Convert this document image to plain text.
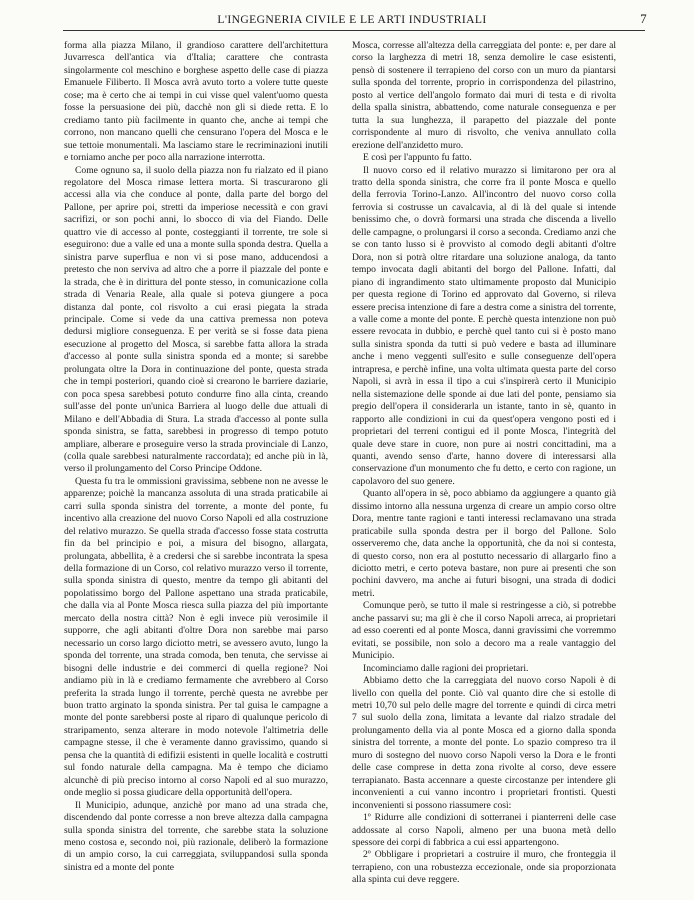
L'INGEGNERIA CIVILE E LE ARTI INDUSTRIALI	7

forma alla piazza Milano, il grandioso carattere dell'architettura Juvarresca dell'antica via d'Italia; carattere che contrasta singolarmente col meschino e borghese aspetto delle case di piazza Emanuele Filiberto. Il Mosca avrà avuto torto a volere tutte queste cose; ma è certo che ai tempi in cui visse quel valent'uomo questa fosse la persuasione dei più, dacchè non gli si diede retta. E lo crediamo tanto più facilmente in quanto che, anche ai tempi che corrono, non mancano quelli che censurano l'opera del Mosca e le sue tettoie monumentali. Ma lasciamo stare le recriminazioni inutili e torniamo anche per poco alla narrazione interrotta.

Come ognuno sa, il suolo della piazza non fu rialzato ed il piano regolatore del Mosca rimase lettera morta. Si trascurarono gli accessi alla via che conduce al ponte, dalla parte del borgo del Pallone, per aprire poi, stretti da imperiose necessità e con gravi sacrifizi, or son pochi anni, lo sbocco di via del Fiando. Delle quattro vie di accesso al ponte, costeggianti il torrente, tre sole si eseguirono: due a valle ed una a monte sulla sponda destra. Quella a sinistra parve superflua e non vi si pose mano, adducendosi a pretesto che non serviva ad altro che a porre il piazzale del ponte e la strada, che è in dirittura del ponte stesso, in comunicazione colla strada di Venaria Reale, alla quale si poteva giungere a poca distanza dal ponte, col risvolto a cui erasi piegata la strada principale. Come si vede da una cattiva premessa non poteva dedursi migliore conseguenza. E per verità se si fosse data piena esecuzione al progetto del Mosca, si sarebbe fatta allora la strada d'accesso al ponte sulla sinistra sponda ed a monte; si sarebbe prolungata oltre la Dora in continuazione del ponte, questa strada che in tempi posteriori, quando cioè si crearono le barriere daziarie, con poca spesa sarebbesi potuto condurre fino alla cinta, creando sull'asse del ponte un'unica Barriera al luogo delle due attuali di Milano e dell'Abbadia di Stura. La strada d'accesso al ponte sulla sponda sinistra, se fatta, sarebbesi in progresso di tempo potuto ampliare, alberare e proseguire verso la strada provinciale di Lanzo, (colla quale sarebbesi naturalmente raccordata); ed anche più in là, verso il prolungamento del Corso Principe Oddone.

Questa fu tra le ommissioni gravissima, sebbene non ne avesse le apparenze; poichè la mancanza assoluta di una strada praticabile ai carri sulla sponda sinistra del torrente, a monte del ponte, fu incentivo alla creazione del nuovo Corso Napoli ed alla costruzione del relativo murazzo. Se quella strada d'accesso fosse stata costrutta fin da bel principio e poi, a misura del bisogno, allargata, prolungata, abbellita, è a credersi che si sarebbe incontrata la spesa della formazione di un Corso, col relativo murazzo verso il torrente, sulla sponda sinistra di questo, mentre da tempo gli abitanti del popolatissimo borgo del Pallone aspettano una strada praticabile, che dalla via al Ponte Mosca riesca sulla piazza del più importante mercato della nostra città? Non è egli invece più verosimile il supporre, che agli abitanti d'oltre Dora non sarebbe mai parso necessario un corso largo diciotto metri, se avessero avuto, lungo la sponda del torrente, una strada comoda, ben tenuta, che servisse ai bisogni delle industrie e dei commerci di quella regione? Noi andiamo più in là e crediamo fermamente che avrebbero al Corso preferita la strada lungo il torrente, perchè questa ne avrebbe per buon tratto arginato la sponda sinistra. Per tal guisa le campagne a monte del ponte sarebbersi poste al riparo di qualunque pericolo di straripamento, senza alterare in modo notevole l'altimetria delle campagne stesse, il che è veramente danno gravissimo, quando si pensa che la quantità di edifizii esistenti in quelle località e costrutti sul fondo naturale della campagna. Ma è tempo che diciamo alcunchè di più preciso intorno al corso Napoli ed al suo murazzo, onde meglio si possa giudicare della opportunità dell'opera.

Il Municipio, adunque, anzichè por mano ad una strada che, discendendo dal ponte corresse a non breve altezza dalla campagna sulla sponda sinistra del torrente, che sarebbe stata la soluzione meno costosa e, secondo noi, più razionale, deliberò la formazione di un ampio corso, la cui carreggiata, sviluppandosi sulla sponda sinistra ed a monte del ponte

Mosca, corresse all'altezza della carreggiata del ponte: e, per dare al corso la larghezza di metri 18, senza demolire le case esistenti, pensò di sostenere il terrapieno del corso con un muro da piantarsi sulla sponda del torrente, proprio in corrispondenza del pilastrino, posto al vertice dell'angolo formato dai muri di testa e di rivolta della spalla sinistra, abbattendo, come naturale conseguenza e per tutta la sua lunghezza, il parapetto del piazzale del ponte corrispondente al muro di risvolto, che veniva annullato colla erezione dell'anzidetto muro.

E così per l'appunto fu fatto.

Il nuovo corso ed il relativo murazzo si limitarono per ora al tratto della sponda sinistra, che corre fra il ponte Mosca e quello della ferrovia Torino-Lanzo. All'incontro del nuovo corso colla ferrovia si costrusse un cavalcavia, al di là del quale si intende benissimo che, o dovrà formarsi una strada che discenda a livello delle campagne, o prolungarsi il corso a seconda. Crediamo anzi che se con tanto lusso si è provvisto al comodo degli abitanti d'oltre Dora, non si potrà oltre ritardare una soluzione analoga, da tanto tempo invocata dagli abitanti del borgo del Pallone. Infatti, dal piano di ingrandimento stato ultimamente proposto dal Municipio per questa regione di Torino ed approvato dal Governo, si rileva essere precisa intenzione di fare a destra come a sinistra del torrente, a valle come a monte del ponte. E perchè questa intenzione non può essere revocata in dubbio, e perchè quel tanto cui si è posto mano sulla sinistra sponda da tutti si può vedere e basta ad illuminare anche i meno veggenti sull'esito e sulle conseguenze dell'opera intrapresa, e perchè infine, una volta ultimata questa parte del corso Napoli, si avrà in essa il tipo a cui s'inspirerà certo il Municipio nella sistemazione delle sponde ai due lati del ponte, pensiamo sia pregio dell'opera il considerarla un istante, tanto in sè, quanto in rapporto alle condizioni in cui da quest'opera vengono posti ed i proprietari del terreni contigui ed il ponte Mosca, l'integrità del quale deve stare in cuore, non pure ai nostri concittadini, ma a quanti, avendo senso d'arte, hanno dovere di interessarsi alla conservazione d'un monumento che fu detto, e certo con ragione, un capolavoro del suo genere.

Quanto all'opera in sè, poco abbiamo da aggiungere a quanto già dissimo intorno alla nessuna urgenza di creare un ampio corso oltre Dora, mentre tante ragioni e tanti interessi reclamavano una strada praticabile sulla sponda destra per il borgo del Pallone. Solo osserveremo che, data anche la opportunità, che da noi si contesta, di questo corso, non era al postutto necessario di allargarlo fino a diciotto metri, e certo poteva bastare, non pure ai presenti che son pochini davvero, ma anche ai futuri bisogni, una strada di dodici metri.

Comunque però, se tutto il male si restringesse a ciò, si potrebbe anche passarvi su; ma gli è che il corso Napoli arreca, ai proprietari ad esso coerenti ed al ponte Mosca, danni gravissimi che vorremmo evitati, se possibile, non solo a decoro ma a reale vantaggio del Municipio.

Incominciamo dalle ragioni dei proprietari.

Abbiamo detto che la carreggiata del nuovo corso Napoli è di livello con quella del ponte. Ciò val quanto dire che si estolle di metri 10,70 sul pelo delle magre del torrente e quindi di circa metri 7 sul suolo della zona, limitata a levante dal rialzo stradale del prolungamento della via al ponte Mosca ed a giorno dalla sponda sinistra del torrente, a monte del ponte. Lo spazio compreso tra il muro di sostegno del nuovo corso Napoli verso la Dora e le fronti delle case comprese in detta zona rivolte al corso, deve essere terrapianato. Basta accennare a queste circostanze per intendere gli inconvenienti a cui vanno incontro i proprietari frontisti. Questi inconvenienti si possono riassumere così:

1º Ridurre alle condizioni di sotterranei i pianterreni delle case addossate al corso Napoli, almeno per una buona metà dello spessore dei corpi di fabbrica a cui essi appartengono.

2º Obbligare i proprietari a costruire il muro, che fronteggia il terrapieno, con una robustezza eccezionale, onde sia proporzionata alla spinta cui deve reggere.
